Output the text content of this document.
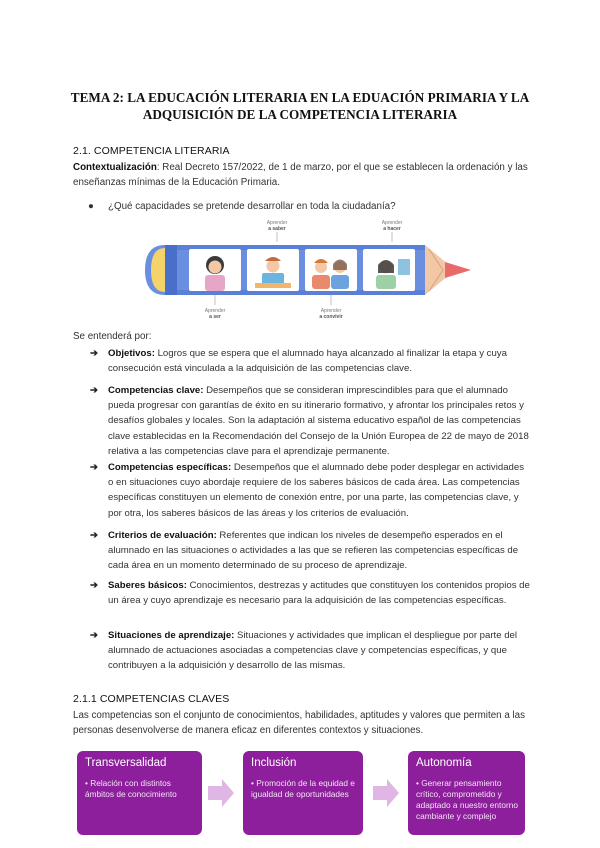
TEMA 2: LA EDUCACIÓN LITERARIA EN LA EDUACIÓN PRIMARIA Y LA ADQUISICIÓN DE LA COMPETENCIA LITERARIA
2.1. COMPETENCIA LITERARIA
Contextualización: Real Decreto 157/2022, de 1 de marzo, por el que se establecen la ordenación y las enseñanzas mínimas de la Educación Primaria.
● ¿Qué capacidades se pretende desarrollar en toda la ciudadanía?
Aprender a saber
Aprender a hacer
Aprender a ser
Aprender a convivir
Se entenderá por:
➔ Objetivos: Logros que se espera que el alumnado haya alcanzado al finalizar la etapa y cuya consecución está vinculada a la adquisición de las competencias clave.
➔ Competencias clave: Desempeños que se consideran imprescindibles para que el alumnado pueda progresar con garantías de éxito en su itinerario formativo, y afrontar los principales retos y desafíos globales y locales. Son la adaptación al sistema educativo español de las competencias clave establecidas en la Recomendación del Consejo de la Unión Europea de 22 de mayo de 2018 relativa a las competencias clave para el aprendizaje permanente.
➔ Competencias específicas: Desempeños que el alumnado debe poder desplegar en actividades o en situaciones cuyo abordaje requiere de los saberes básicos de cada área. Las competencias específicas constituyen un elemento de conexión entre, por una parte, las competencias clave, y por otra, los saberes básicos de las áreas y los criterios de evaluación.
➔ Criterios de evaluación: Referentes que indican los niveles de desempeño esperados en el alumnado en las situaciones o actividades a las que se refieren las competencias específicas de cada área en un momento determinado de su proceso de aprendizaje.
➔ Saberes básicos: Conocimientos, destrezas y actitudes que constituyen los contenidos propios de un área y cuyo aprendizaje es necesario para la adquisición de las competencias específicas.
➔ Situaciones de aprendizaje: Situaciones y actividades que implican el despliegue por parte del alumnado de actuaciones asociadas a competencias clave y competencias específicas, y que contribuyen a la adquisición y desarrollo de las mismas.
2.1.1 COMPETENCIAS CLAVES
Las competencias son el conjunto de conocimientos, habilidades, aptitudes y valores que permiten a las personas desenvolverse de manera eficaz en diferentes contextos y situaciones.
Transversalidad
• Relación con distintos ámbitos de conocimiento
Inclusión
• Promoción de la equidad e igualdad de oportunidades
Autonomía
• Generar pensamiento crítico, comprometido y adaptado a nuestro entorno cambiante y complejo
